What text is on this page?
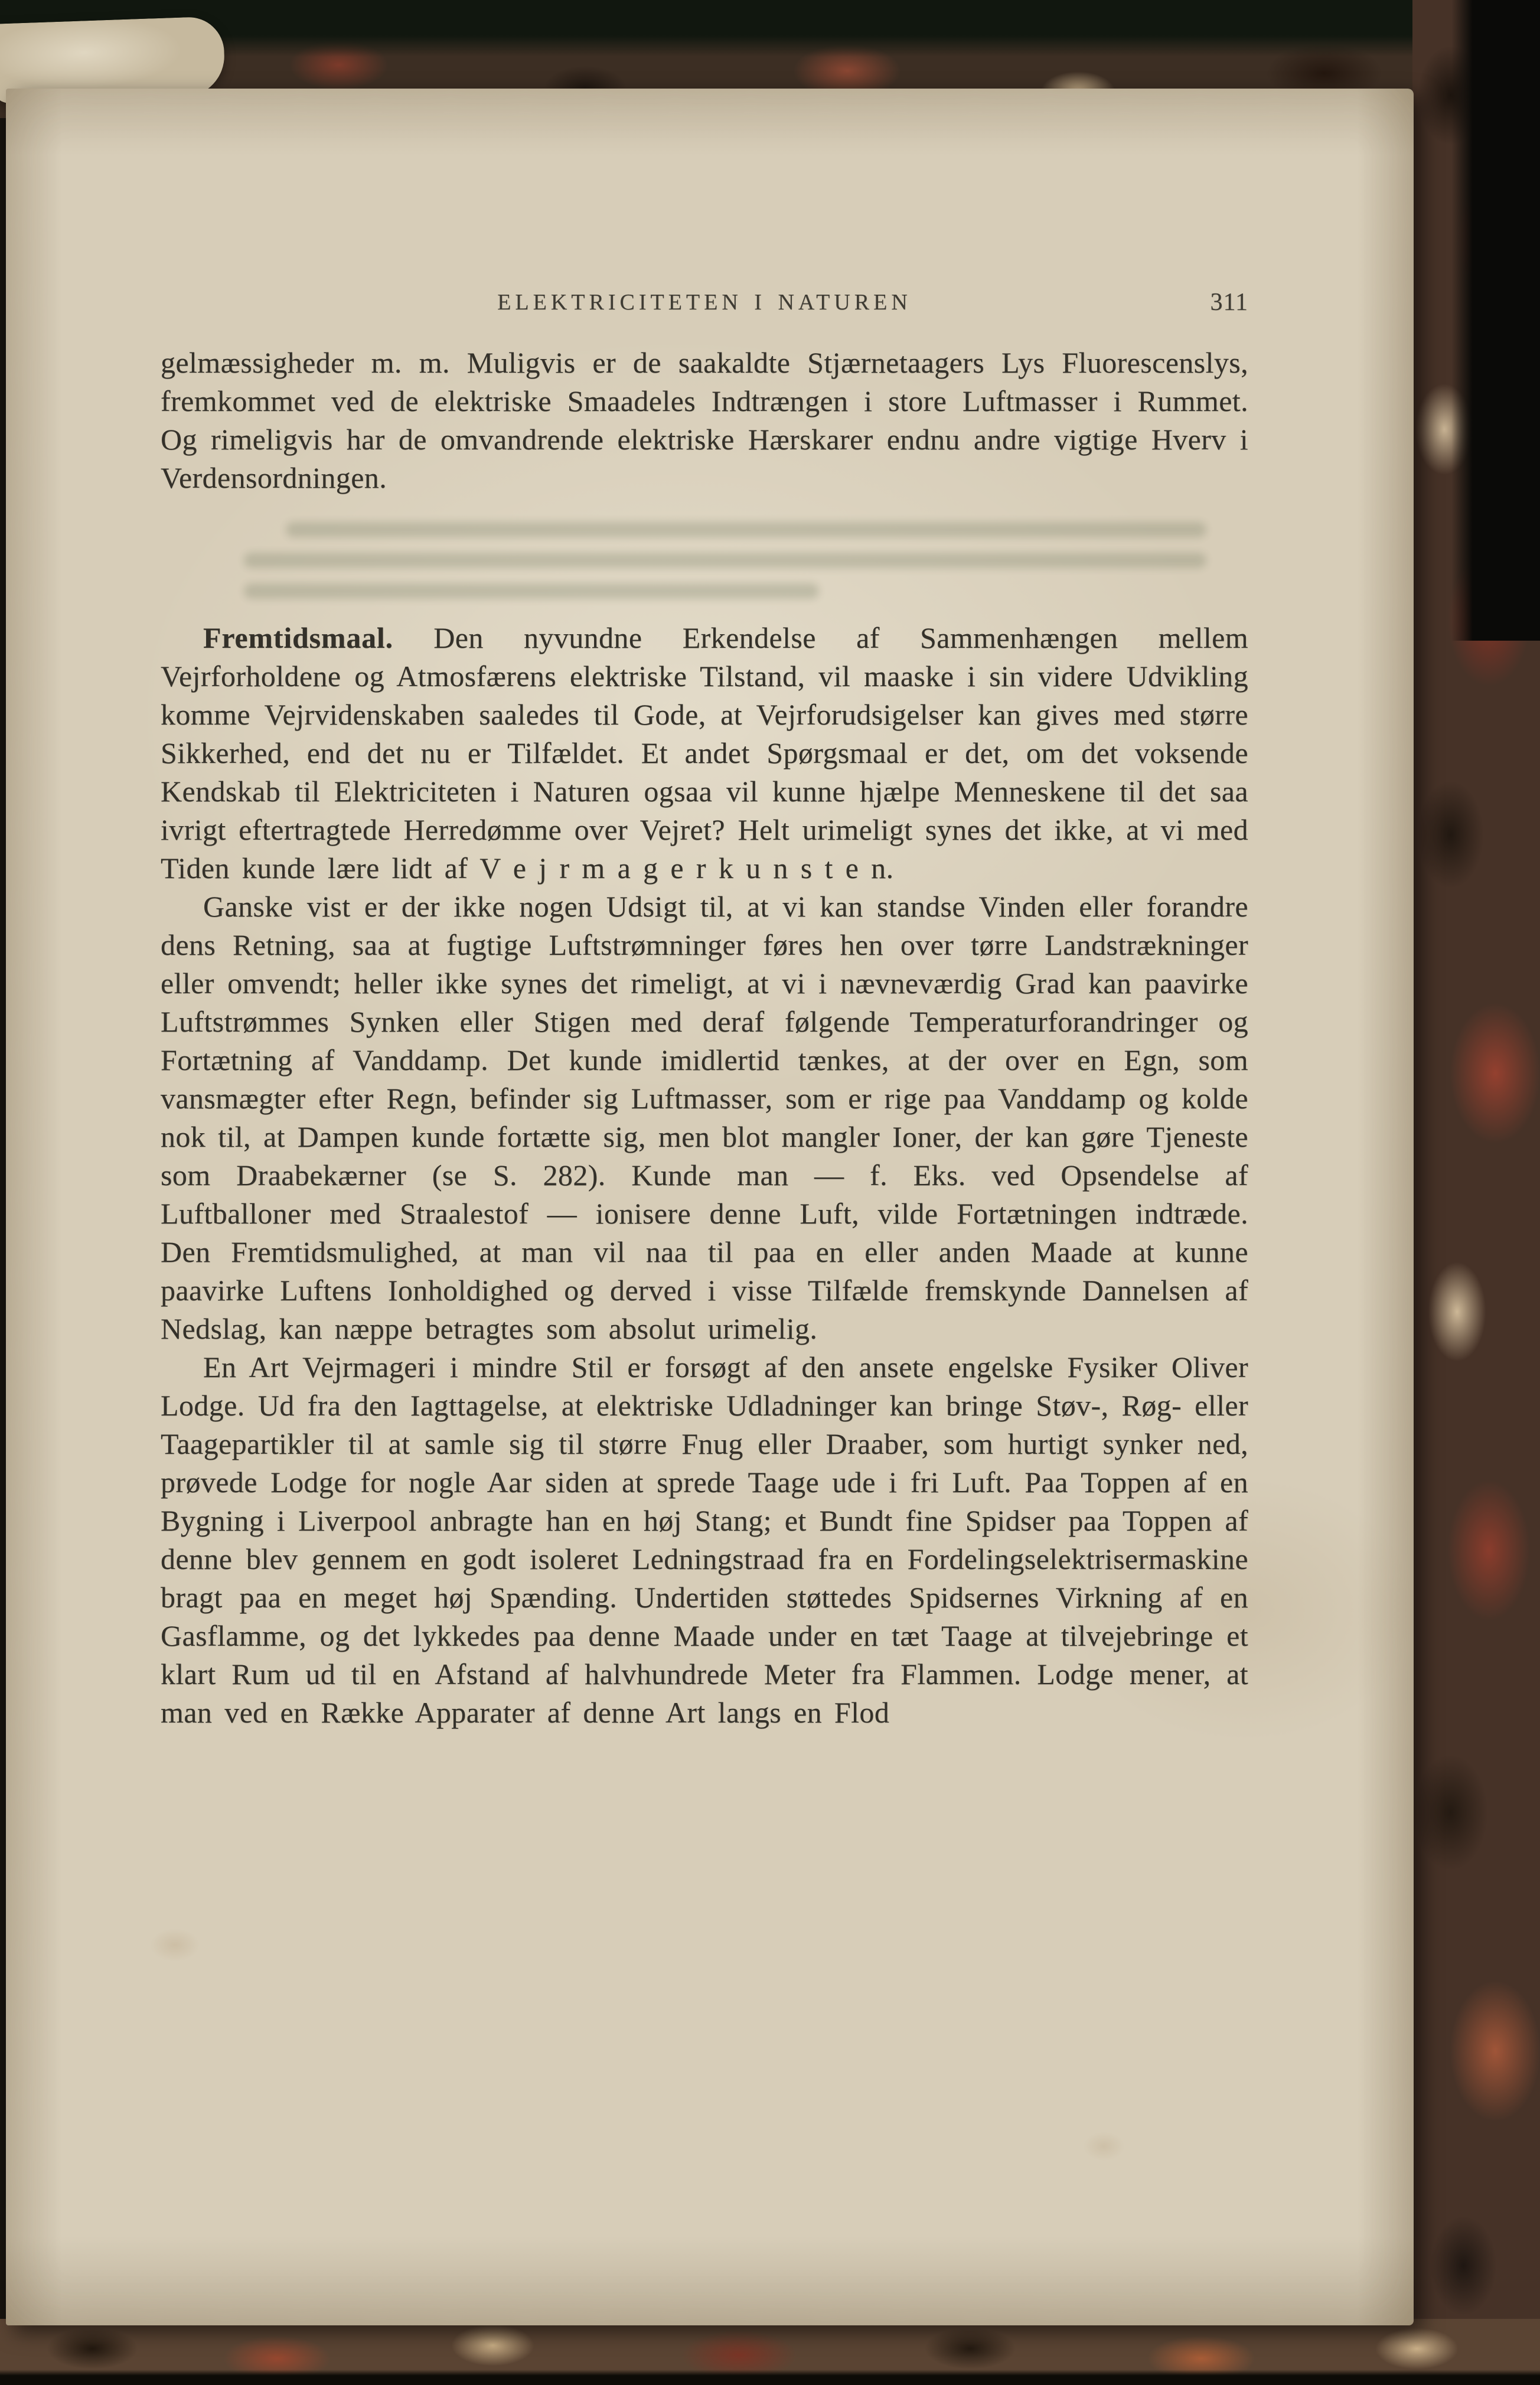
ELEKTRICITETEN I NATUREN	311

gelmæssigheder m. m. Muligvis er de saakaldte Stjærnetaagers Lys Fluorescenslys, fremkommet ved de elektriske Smaadeles Indtrængen i store Luftmasser i Rummet. Og rimeligvis har de omvandrende elektriske Hærskarer endnu andre vigtige Hverv i Verdensordningen.

Fremtidsmaal. Den nyvundne Erkendelse af Sammenhængen mellem Vejrforholdene og Atmosfærens elektriske Tilstand, vil maaske i sin videre Udvikling komme Vejrvidenskaben saaledes til Gode, at Vejrforudsigelser kan gives med større Sikkerhed, end det nu er Tilfældet. Et andet Spørgsmaal er det, om det voksende Kendskab til Elektriciteten i Naturen ogsaa vil kunne hjælpe Menneskene til det saa ivrigt eftertragtede Herredømme over Vejret? Helt urimeligt synes det ikke, at vi med Tiden kunde lære lidt af V e j r m a g e r k u n s t e n.

Ganske vist er der ikke nogen Udsigt til, at vi kan standse Vinden eller forandre dens Retning, saa at fugtige Luftstrømninger føres hen over tørre Landstrækninger eller omvendt; heller ikke synes det rimeligt, at vi i nævneværdig Grad kan paavirke Luftstrømmes Synken eller Stigen med deraf følgende Temperaturforandringer og Fortætning af Vanddamp. Det kunde imidlertid tænkes, at der over en Egn, som vansmægter efter Regn, befinder sig Luftmasser, som er rige paa Vanddamp og kolde nok til, at Dampen kunde fortætte sig, men blot mangler Ioner, der kan gøre Tjeneste som Draabekærner (se S. 282). Kunde man — f. Eks. ved Opsendelse af Luftballoner med Straalestof — ionisere denne Luft, vilde Fortætningen indtræde. Den Fremtidsmulighed, at man vil naa til paa en eller anden Maade at kunne paavirke Luftens Ionholdighed og derved i visse Tilfælde fremskynde Dannelsen af Nedslag, kan næppe betragtes som absolut urimelig.

En Art Vejrmageri i mindre Stil er forsøgt af den ansete engelske Fysiker Oliver Lodge. Ud fra den Iagttagelse, at elektriske Udladninger kan bringe Støv-, Røg- eller Taagepartikler til at samle sig til større Fnug eller Draaber, som hurtigt synker ned, prøvede Lodge for nogle Aar siden at sprede Taage ude i fri Luft. Paa Toppen af en Bygning i Liverpool anbragte han en høj Stang; et Bundt fine Spidser paa Toppen af denne blev gennem en godt isoleret Ledningstraad fra en Fordelingselektrisermaskine bragt paa en meget høj Spænding. Undertiden støttedes Spidsernes Virkning af en Gasflamme, og det lykkedes paa denne Maade under en tæt Taage at tilvejebringe et klart Rum ud til en Afstand af halvhundrede Meter fra Flammen. Lodge mener, at man ved en Række Apparater af denne Art langs en Flod
